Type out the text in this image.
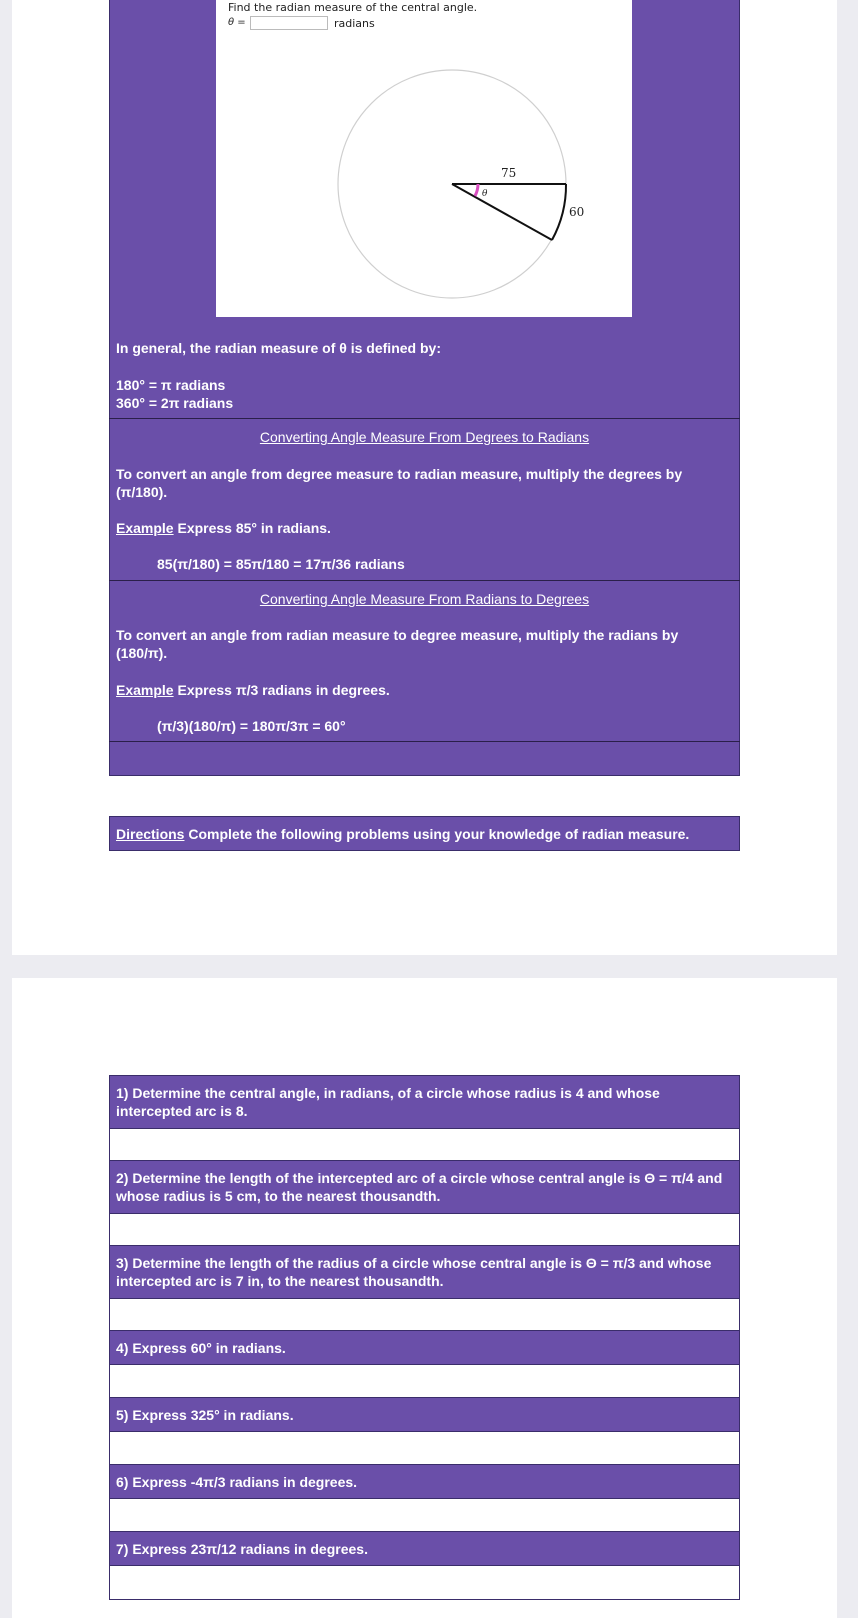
Find the radian measure of the central angle.
θ =	radians
75
60
θ
In general, the radian measure of θ is defined by:
180° = π radians
360° = 2π radians
Converting Angle Measure From Degrees to Radians
To convert an angle from degree measure to radian measure, multiply the degrees by
(π/180).
Example Express 85° in radians.
85(π/180) = 85π/180 = 17π/36 radians
Converting Angle Measure From Radians to Degrees
To convert an angle from radian measure to degree measure, multiply the radians by
(180/π).
Example Express π/3 radians in degrees.
(π/3)(180/π) = 180π/3π = 60°
Directions Complete the following problems using your knowledge of radian measure.
1) Determine the central angle, in radians, of a circle whose radius is 4 and whose intercepted arc is 8.
2) Determine the length of the intercepted arc of a circle whose central angle is Θ = π/4 and whose radius is 5 cm, to the nearest thousandth.
3) Determine the length of the radius of a circle whose central angle is Θ = π/3 and whose intercepted arc is 7 in, to the nearest thousandth.
4) Express 60° in radians.
5) Express 325° in radians.
6) Express -4π/3 radians in degrees.
7) Express 23π/12 radians in degrees.
